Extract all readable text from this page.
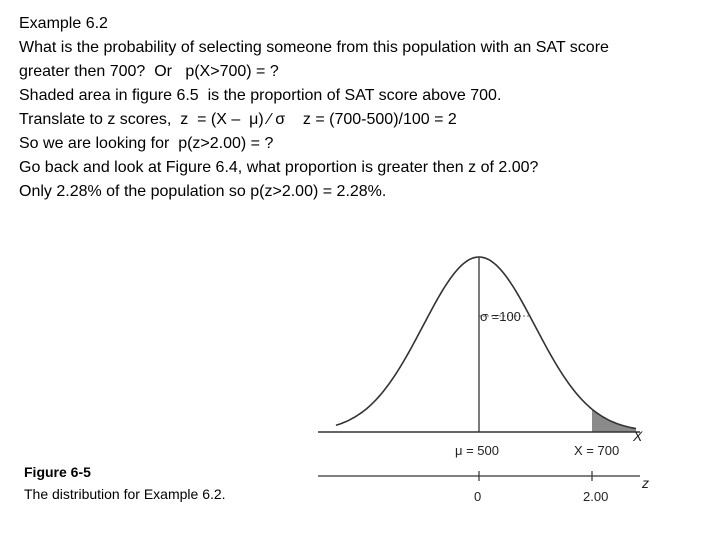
Example 6.2
What is the probability of selecting someone from this population with an SAT score
greater then 700?  Or   p(X>700) = ?
Shaded area in figure 6.5  is the proportion of SAT score above 700.
Translate to z scores,  z  = (X –  μ) ⁄ σ    z = (700-500)/100 = 2
So we are looking for  p(z>2.00) = ?
Go back and look at Figure 6.4, what proportion is greater then z of 2.00?
Only 2.28% of the population so p(z>2.00) = 2.28%.
σ =100
μ = 500	X = 700
X
z
0	2.00
Figure 6-5
The distribution for Example 6.2.
